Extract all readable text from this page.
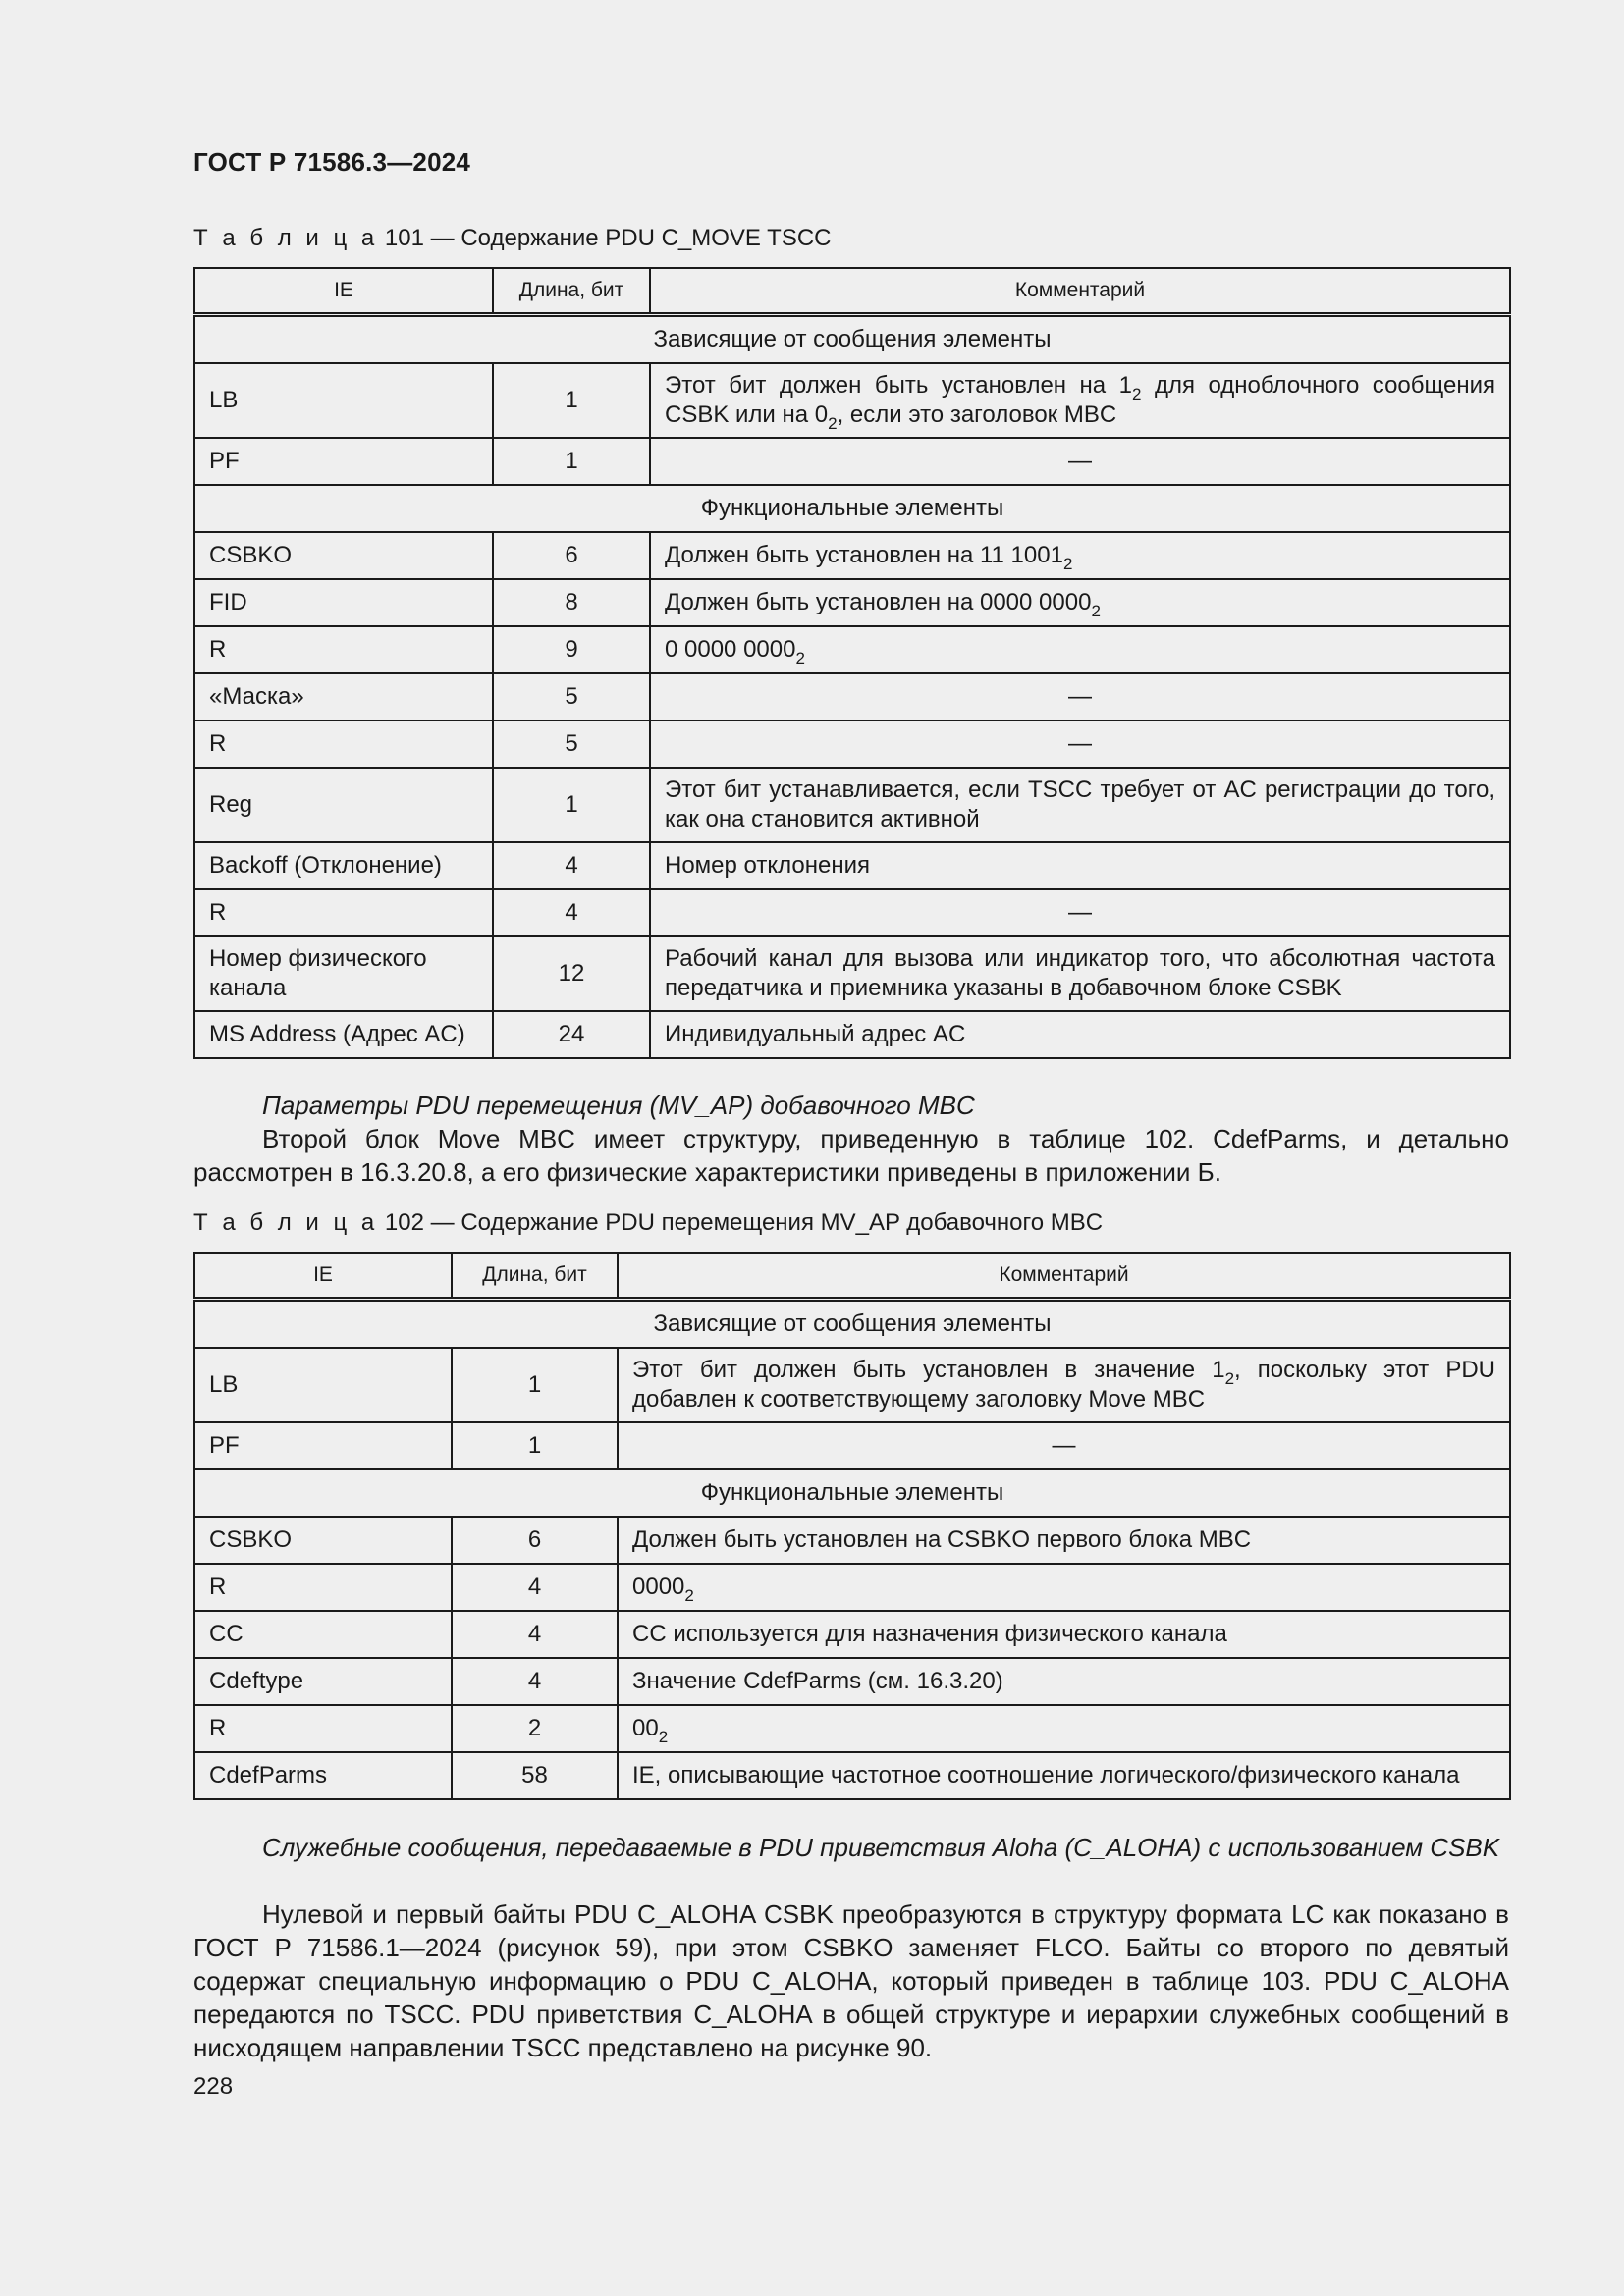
ГОСТ Р 71586.3—2024
Т а б л и ц а 101 — Содержание PDU C_MOVE TSCC
IE	Длина, бит	Комментарий
Зависящие от сообщения элементы		
LB	1	Этот бит должен быть установлен на $1_2$ для одноблочного сообщения CSBK или на $0_2$, если это заголовок MBC
PF	1	—
Функциональные элементы		
CSBKO	6	Должен быть установлен на 11 $1001_2$
FID	8	Должен быть установлен на 0000 $0000_2$
R	9	0 0000 $0000_2$
«Маска»	5	—
R	5	—
Reg	1	Этот бит устанавливается, если TSCC требует от AC регистрации до того, как она становится активной
Backoff (Отклонение)	4	Номер отклонения
R	4	—
Номер физического канала	12	Рабочий канал для вызова или индикатор того, что абсолютная частота передатчика и приемника указаны в добавочном блоке CSBK
MS Address (Адрес AC)	24	Индивидуальный адрес AC
Параметры PDU перемещения (MV_AP) добавочного MBC
Второй блок Move MBC имеет структуру, приведенную в таблице 102. CdefParms, и детально рассмотрен в 16.3.20.8, а его физические характеристики приведены в приложении Б.
Т а б л и ц а 102 — Содержание PDU перемещения MV_AP добавочного MBC
IE	Длина, бит	Комментарий
Зависящие от сообщения элементы		
LB	1	Этот бит должен быть установлен в значение $1_2$, поскольку этот PDU добавлен к соответствующему заголовку Move MBC
PF	1	—
Функциональные элементы		
CSBKO	6	Должен быть установлен на CSBKO первого блока MBC
R	4	$0000_2$
CC	4	CC используется для назначения физического канала
Cdeftype	4	Значение CdefParms (см. 16.3.20)
R	2	$00_2$
CdefParms	58	IE, описывающие частотное соотношение логического/физического канала
Служебные сообщения, передаваемые в PDU приветствия Aloha (C_ALOHA) с использованием CSBK
Нулевой и первый байты PDU C_ALOHA CSBK преобразуются в структуру формата LC как показано в ГОСТ Р 71586.1—2024 (рисунок 59), при этом CSBKO заменяет FLCO. Байты со второго по девятый содержат специальную информацию о PDU C_ALOHA, который приведен в таблице 103. PDU C_ALOHA передаются по TSCC. PDU приветствия C_ALOHA в общей структуре и иерархии служебных сообщений в нисходящем направлении TSCC представлено на рисунке 90.
228
